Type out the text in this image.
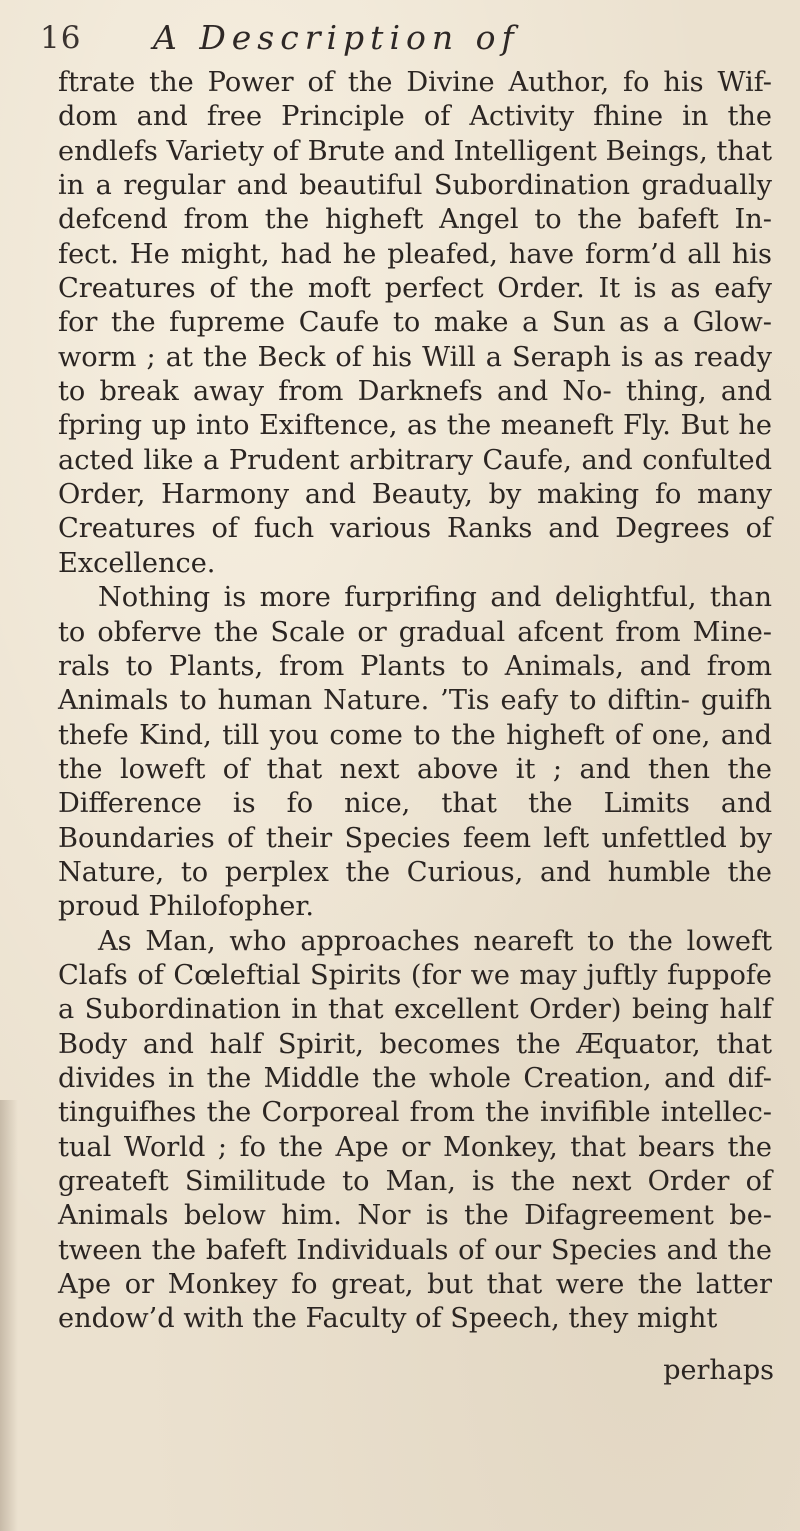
16 A Description of

ftrate the Power of the Divine Author, fo his Wif- dom and free Principle of Activity fhine in the endlefs Variety of Brute and Intelligent Beings, that in a regular and beautiful Subordination gradually defcend from the higheft Angel to the bafeft In- fect. He might, had he pleafed, have form’d all his Creatures of the moft perfect Order. It is as eafy for the fupreme Caufe to make a Sun as a Glow-worm ; at the Beck of his Will a Seraph is as ready to break away from Darknefs and No- thing, and fpring up into Exiftence, as the meaneft Fly. But he acted like a Prudent arbitrary Caufe, and confulted Order, Harmony and Beauty, by making fo many Creatures of fuch various Ranks and Degrees of Excellence.

Nothing is more furprifing and delightful, than to obferve the Scale or gradual afcent from Mine- rals to Plants, from Plants to Animals, and from Animals to human Nature. ’Tis eafy to diftin- guifh thefe Kind, till you come to the higheft of one, and the loweft of that next above it ; and then the Difference is fo nice, that the Limits and Boundaries of their Species feem left unfettled by Nature, to perplex the Curious, and humble the proud Philofopher.

As Man, who approaches neareft to the loweft Clafs of Cœleftial Spirits (for we may juftly fuppofe a Subordination in that excellent Order) being half Body and half Spirit, becomes the Æquator, that divides in the Middle the whole Creation, and dif- tinguifhes the Corporeal from the invifible intellec- tual World ; fo the Ape or Monkey, that bears the greateft Similitude to Man, is the next Order of Animals below him. Nor is the Difagreement be- tween the bafeft Individuals of our Species and the Ape or Monkey fo great, but that were the latter endow’d with the Faculty of Speech, they might

perhaps
